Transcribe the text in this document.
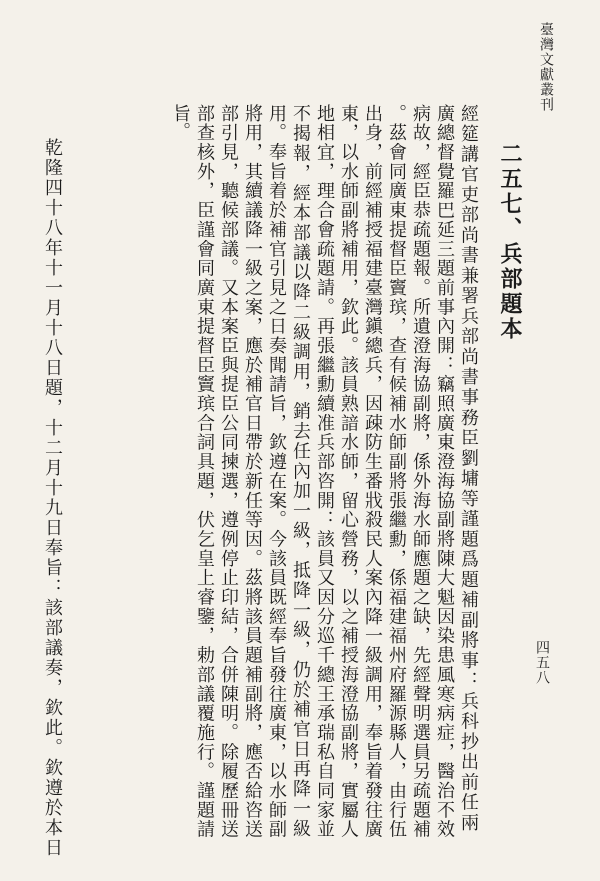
臺灣文獻叢刊
四五八
二五七、兵部題本
經筵講官吏部尚書兼署兵部尚書事務臣劉墉等謹題爲題補副將事：兵科抄出前任兩
廣總督覺羅巴延三題前事內開：竊照廣東澄海協副將陳大魁因染患風寒病症，醫治不效
病故，經臣恭疏題報。所遺澄海協副將，係外海水師應題之缺，先經聲明選員另疏題補
。茲會同廣東提督臣竇瑸，查有候補水師副將張繼勳，係福建福州府羅源縣人，由行伍
出身，前經補授福建臺灣鎭總兵，因疎防生番戕殺民人案內降一級調用，奉旨着發往廣
東，以水師副將補用，欽此。該員熟諳水師，留心營務，以之補授海澄協副將，實屬人
地相宜，理合會疏題請。再張繼勳續准兵部咨開：該員又因分巡千總王承瑞私自同家並
不揭報，經本部議以降二級調用，銷去任內加一級，抵降一級，仍於補官日再降一級
用。奉旨着於補官引見之日奏聞請旨，欽遵在案。今該員既經奉旨發往廣東，以水師副
將用，其續議降一級之案，應於補官日帶於新任等因。茲將該員題補副將，應否給咨送
部引見，聽候部議。又本案臣與提臣公同揀選，遵例停止印結，合併陳明。除履歷冊送
部查核外，臣謹會同廣東提督臣竇瑸合詞具題，伏乞皇上睿鑒，勅部議覆施行。謹題請
旨。
乾隆四十八年十一月十八日題，十二月十九日奉旨：該部議奏，欽此。欽遵於本日
